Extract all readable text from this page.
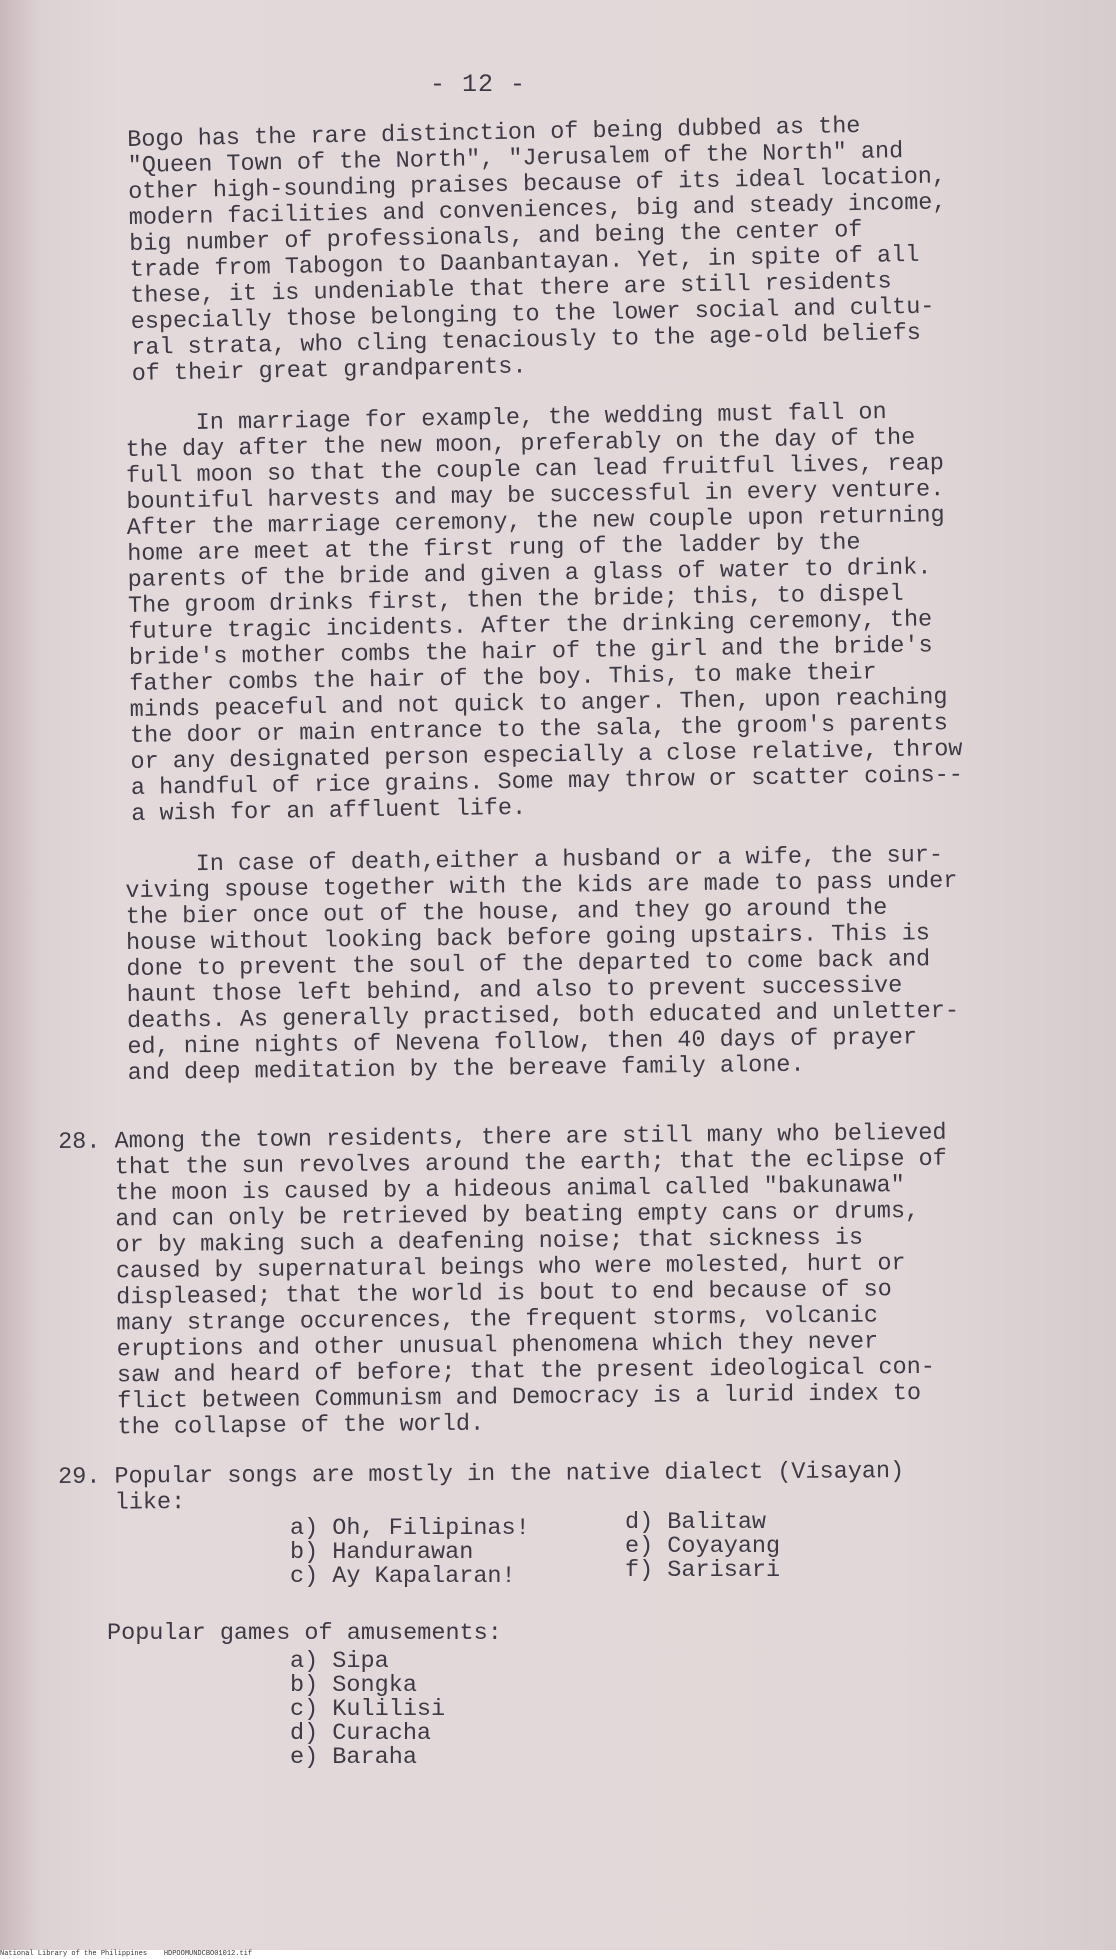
- 12 -
Bogo has the rare distinction of being dubbed as the
"Queen Town of the North", "Jerusalem of the North" and
other high-sounding praises because of its ideal location,
modern facilities and conveniences, big and steady income,
big number of professionals, and being the center of
trade from Tabogon to Daanbantayan. Yet, in spite of all
these, it is undeniable that there are still residents
especially those belonging to the lower social and cultu-
ral strata, who cling tenaciously to the age-old beliefs
of their great grandparents.
In marriage for example, the wedding must fall on
the day after the new moon, preferably on the day of the
full moon so that the couple can lead fruitful lives, reap
bountiful harvests and may be successful in every venture.
After the marriage ceremony, the new couple upon returning
home are meet at the first rung of the ladder by the
parents of the bride and given a glass of water to drink.
The groom drinks first, then the bride; this, to dispel
future tragic incidents. After the drinking ceremony, the
bride's mother combs the hair of the girl and the bride's
father combs the hair of the boy. This, to make their
minds peaceful and not quick to anger. Then, upon reaching
the door or main entrance to the sala, the groom's parents
or any designated person especially a close relative, throw
a handful of rice grains. Some may throw or scatter coins--
a wish for an affluent life.
In case of death,either a husband or a wife, the sur-
viving spouse together with the kids are made to pass under
the bier once out of the house, and they go around the
house without looking back before going upstairs. This is
done to prevent the soul of the departed to come back and
haunt those left behind, and also to prevent successive
deaths. As generally practised, both educated and unletter-
ed, nine nights of Nevena follow, then 40 days of prayer
and deep meditation by the bereave family alone.
28. Among the town residents, there are still many who believed
that the sun revolves around the earth; that the eclipse of
the moon is caused by a hideous animal called "bakunawa"
and can only be retrieved by beating empty cans or drums,
or by making such a deafening noise; that sickness is
caused by supernatural beings who were molested, hurt or
displeased; that the world is bout to end because of so
many strange occurences, the frequent storms, volcanic
eruptions and other unusual phenomena which they never
saw and heard of before; that the present ideological con-
flict between Communism and Democracy is a lurid index to
the collapse of the world.
29. Popular songs are mostly in the native dialect (Visayan)
like:
a) Oh, Filipinas!
b) Handurawan
c) Ay Kapalaran!
d) Balitaw
e) Coyayang
f) Sarisari
Popular games of amusements:
a) Sipa
b) Songka
c) Kulilisi
d) Curacha
e) Baraha
National Library of the Philippines    HDPOOMUNDCBO01012.tif
